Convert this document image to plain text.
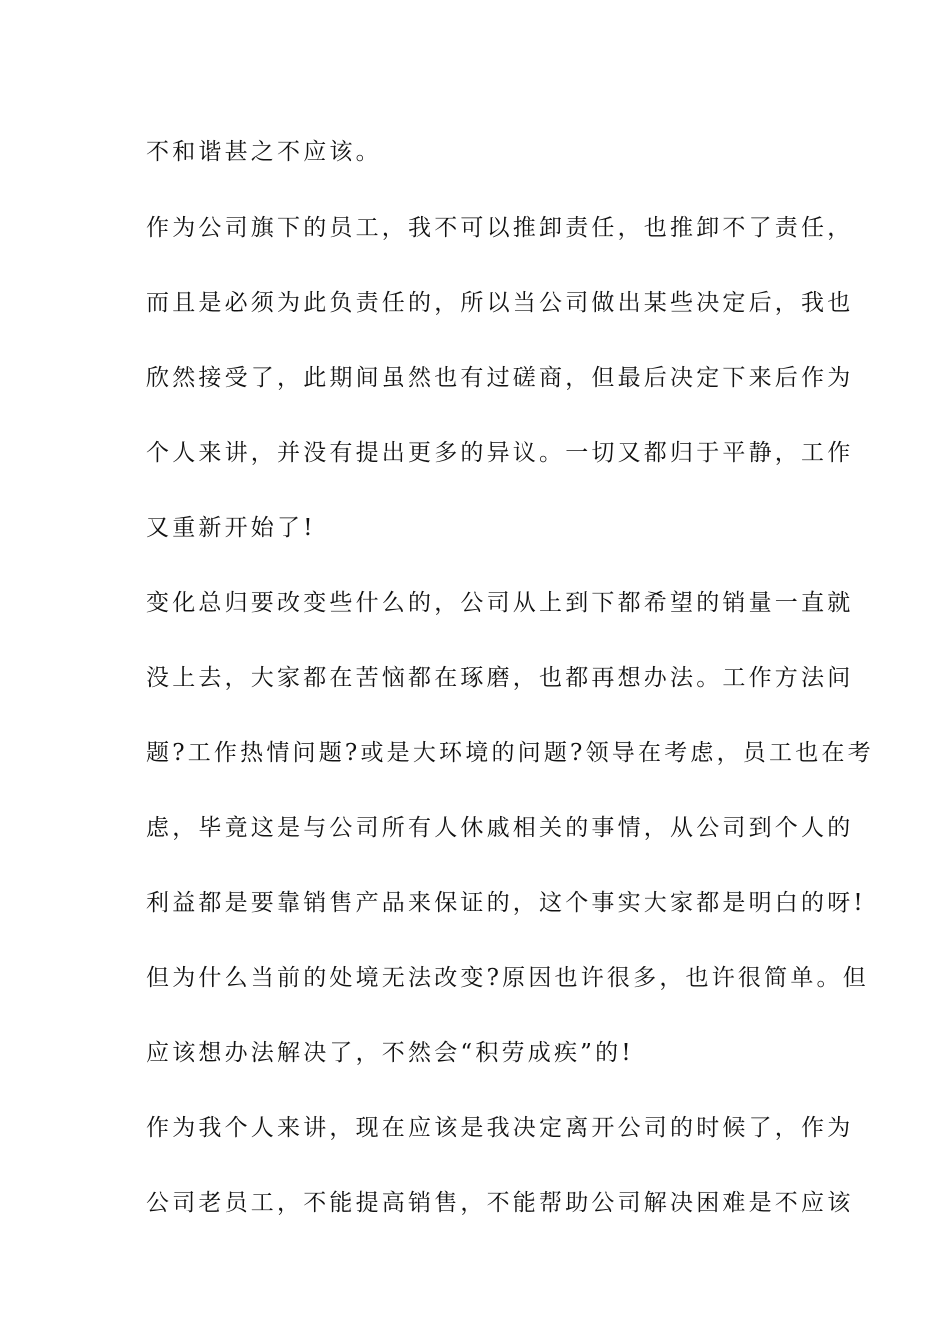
不和谐甚之不应该。
作为公司旗下的员工，我不可以推卸责任，也推卸不了责任，
而且是必须为此负责任的，所以当公司做出某些决定后，我也
欣然接受了，此期间虽然也有过磋商，但最后决定下来后作为
个人来讲，并没有提出更多的异议。一切又都归于平静，工作
又重新开始了!
变化总归要改变些什么的，公司从上到下都希望的销量一直就
没上去，大家都在苦恼都在琢磨，也都再想办法。工作方法问
题?工作热情问题?或是大环境的问题?领导在考虑，员工也在考
虑，毕竟这是与公司所有人休戚相关的事情，从公司到个人的
利益都是要靠销售产品来保证的，这个事实大家都是明白的呀!
但为什么当前的处境无法改变?原因也许很多，也许很简单。但
应该想办法解决了，不然会“积劳成疾”的!
作为我个人来讲，现在应该是我决定离开公司的时候了，作为
公司老员工，不能提高销售，不能帮助公司解决困难是不应该
